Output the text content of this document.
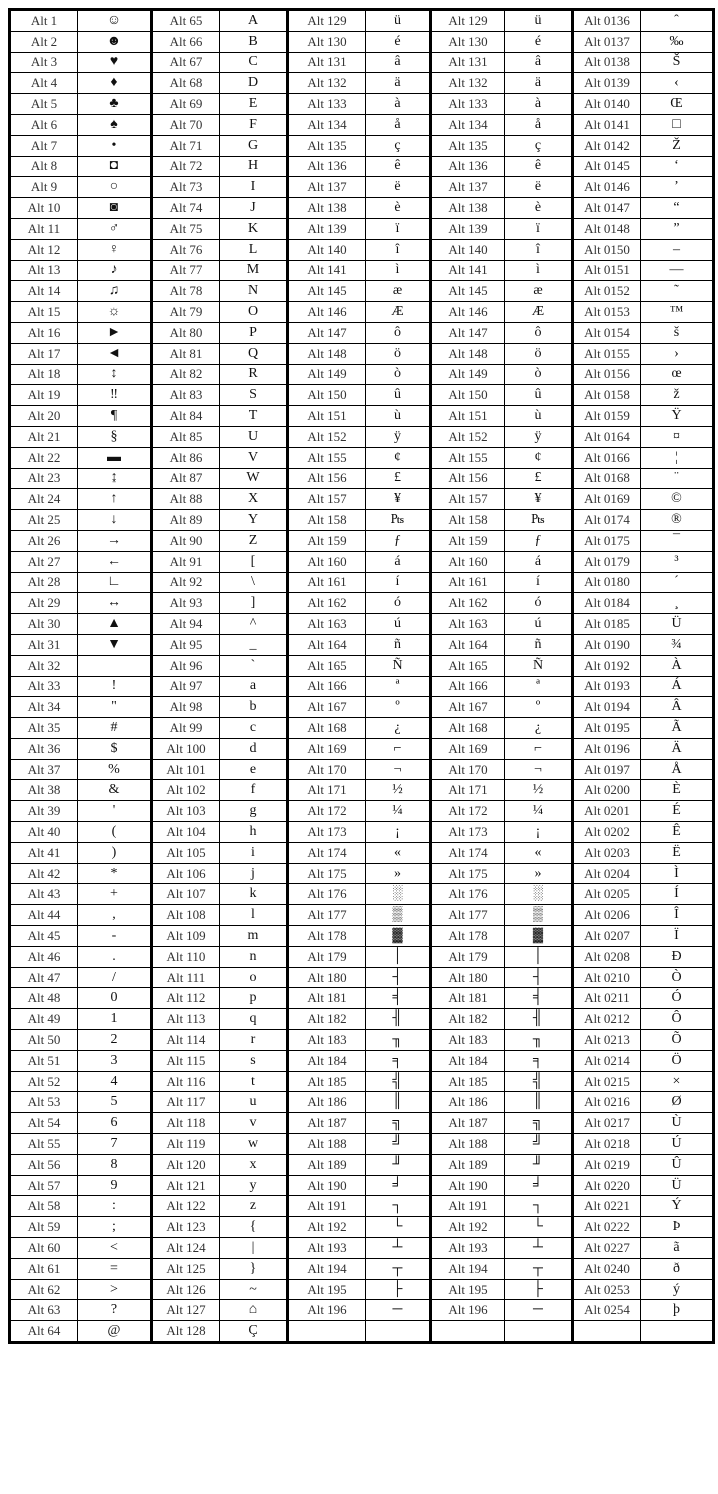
Alt 1	☺	Alt 65	A	Alt 129	ü	Alt 129	ü	Alt 0136	ˆ
Alt 2	☻	Alt 66	B	Alt 130	é	Alt 130	é	Alt 0137	‰
Alt 3	♥	Alt 67	C	Alt 131	â	Alt 131	â	Alt 0138	Š
Alt 4	♦	Alt 68	D	Alt 132	ä	Alt 132	ä	Alt 0139	‹
Alt 5	♣	Alt 69	E	Alt 133	à	Alt 133	à	Alt 0140	Œ
Alt 6	♠	Alt 70	F	Alt 134	å	Alt 134	å	Alt 0141	□
Alt 7	•	Alt 71	G	Alt 135	ç	Alt 135	ç	Alt 0142	Ž
Alt 8	◘	Alt 72	H	Alt 136	ê	Alt 136	ê	Alt 0145	‘
Alt 9	○	Alt 73	I	Alt 137	ë	Alt 137	ë	Alt 0146	’
Alt 10	◙	Alt 74	J	Alt 138	è	Alt 138	è	Alt 0147	“
Alt 11	♂	Alt 75	K	Alt 139	ï	Alt 139	ï	Alt 0148	”
Alt 12	♀	Alt 76	L	Alt 140	î	Alt 140	î	Alt 0150	–
Alt 13	♪	Alt 77	M	Alt 141	ì	Alt 141	ì	Alt 0151	—
Alt 14	♫	Alt 78	N	Alt 145	æ	Alt 145	æ	Alt 0152	˜
Alt 15	☼	Alt 79	O	Alt 146	Æ	Alt 146	Æ	Alt 0153	™
Alt 16	►	Alt 80	P	Alt 147	ô	Alt 147	ô	Alt 0154	š
Alt 17	◄	Alt 81	Q	Alt 148	ö	Alt 148	ö	Alt 0155	›
Alt 18	↕	Alt 82	R	Alt 149	ò	Alt 149	ò	Alt 0156	œ
Alt 19	‼	Alt 83	S	Alt 150	û	Alt 150	û	Alt 0158	ž
Alt 20	¶	Alt 84	T	Alt 151	ù	Alt 151	ù	Alt 0159	Ÿ
Alt 21	§	Alt 85	U	Alt 152	ÿ	Alt 152	ÿ	Alt 0164	¤
Alt 22	▬	Alt 86	V	Alt 155	¢	Alt 155	¢	Alt 0166	¦
Alt 23	↨	Alt 87	W	Alt 156	£	Alt 156	£	Alt 0168	¨
Alt 24	↑	Alt 88	X	Alt 157	¥	Alt 157	¥	Alt 0169	©
Alt 25	↓	Alt 89	Y	Alt 158	₧	Alt 158	₧	Alt 0174	®
Alt 26	→	Alt 90	Z	Alt 159	ƒ	Alt 159	ƒ	Alt 0175	¯
Alt 27	←	Alt 91	[	Alt 160	á	Alt 160	á	Alt 0179	³
Alt 28	∟	Alt 92	\	Alt 161	í	Alt 161	í	Alt 0180	´
Alt 29	↔	Alt 93	]	Alt 162	ó	Alt 162	ó	Alt 0184	¸
Alt 30	▲	Alt 94	^	Alt 163	ú	Alt 163	ú	Alt 0185	Ü
Alt 31	▼	Alt 95	_	Alt 164	ñ	Alt 164	ñ	Alt 0190	¾
Alt 32		Alt 96	`	Alt 165	Ñ	Alt 165	Ñ	Alt 0192	À
Alt 33	!	Alt 97	a	Alt 166	ª	Alt 166	ª	Alt 0193	Á
Alt 34	"	Alt 98	b	Alt 167	º	Alt 167	º	Alt 0194	Â
Alt 35	#	Alt 99	c	Alt 168	¿	Alt 168	¿	Alt 0195	Ã
Alt 36	$	Alt 100	d	Alt 169	⌐	Alt 169	⌐	Alt 0196	Ä
Alt 37	%	Alt 101	e	Alt 170	¬	Alt 170	¬	Alt 0197	Å
Alt 38	&	Alt 102	f	Alt 171	½	Alt 171	½	Alt 0200	È
Alt 39	'	Alt 103	g	Alt 172	¼	Alt 172	¼	Alt 0201	É
Alt 40	(	Alt 104	h	Alt 173	¡	Alt 173	¡	Alt 0202	Ê
Alt 41	)	Alt 105	i	Alt 174	«	Alt 174	«	Alt 0203	Ë
Alt 42	*	Alt 106	j	Alt 175	»	Alt 175	»	Alt 0204	Ì
Alt 43	+	Alt 107	k	Alt 176	░	Alt 176	░	Alt 0205	Í
Alt 44	,	Alt 108	l	Alt 177	▒	Alt 177	▒	Alt 0206	Î
Alt 45	-	Alt 109	m	Alt 178	▓	Alt 178	▓	Alt 0207	Ï
Alt 46	.	Alt 110	n	Alt 179	│	Alt 179	│	Alt 0208	Ð
Alt 47	/	Alt 111	o	Alt 180	┤	Alt 180	┤	Alt 0210	Ò
Alt 48	0	Alt 112	p	Alt 181	╡	Alt 181	╡	Alt 0211	Ó
Alt 49	1	Alt 113	q	Alt 182	╢	Alt 182	╢	Alt 0212	Ô
Alt 50	2	Alt 114	r	Alt 183	╖	Alt 183	╖	Alt 0213	Õ
Alt 51	3	Alt 115	s	Alt 184	╕	Alt 184	╕	Alt 0214	Ö
Alt 52	4	Alt 116	t	Alt 185	╣	Alt 185	╣	Alt 0215	×
Alt 53	5	Alt 117	u	Alt 186	║	Alt 186	║	Alt 0216	Ø
Alt 54	6	Alt 118	v	Alt 187	╗	Alt 187	╗	Alt 0217	Ù
Alt 55	7	Alt 119	w	Alt 188	╝	Alt 188	╝	Alt 0218	Ú
Alt 56	8	Alt 120	x	Alt 189	╜	Alt 189	╜	Alt 0219	Û
Alt 57	9	Alt 121	y	Alt 190	╛	Alt 190	╛	Alt 0220	Ü
Alt 58	:	Alt 122	z	Alt 191	┐	Alt 191	┐	Alt 0221	Ý
Alt 59	;	Alt 123	{	Alt 192	└	Alt 192	└	Alt 0222	Þ
Alt 60	<	Alt 124	|	Alt 193	┴	Alt 193	┴	Alt 0227	ã
Alt 61	=	Alt 125	}	Alt 194	┬	Alt 194	┬	Alt 0240	ð
Alt 62	>	Alt 126	~	Alt 195	├	Alt 195	├	Alt 0253	ý
Alt 63	?	Alt 127	⌂	Alt 196	─	Alt 196	─	Alt 0254	þ
Alt 64	@	Alt 128	Ç						
